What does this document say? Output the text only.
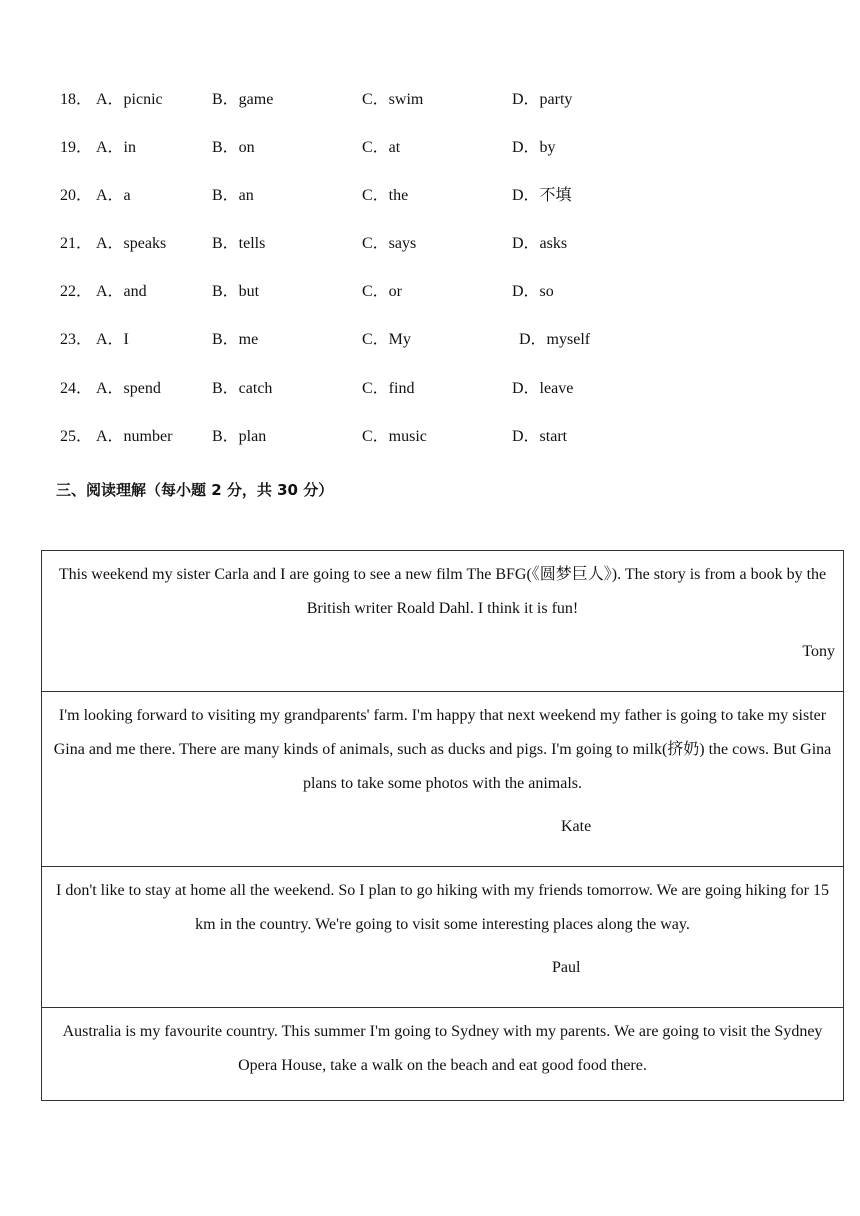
18． A．picnic	B．game	C．swim	D．party
19． A．in	B．on	C．at	D．by
20． A．a	B．an	C．the	D．不填
21． A．speaks	B．tells	C．says	D．asks
22． A．and	B．but	C．or	D．so
23． A．I	B．me	C．My	D．myself
24． A．spend	B．catch	C．find	D．leave
25． A．number B．plan	C．music	D．start
三、阅读理解（每小题 2 分，共 30 分）
This weekend my sister Carla and I are going to see a new film The BFG(《圆梦巨人》). The story is from a book by the British writer Roald Dahl. I think it is fun!
Tony

I'm looking forward to visiting my grandparents' farm. I'm happy that next weekend my father is going to take my sister Gina and me there. There are many kinds of animals, such as ducks and pigs. I'm going to milk(挤奶) the cows. But Gina plans to take some photos with the animals.
Kate

I don't like to stay at home all the weekend. So I plan to go hiking with my friends tomorrow. We are going hiking for 15 km in the country. We're going to visit some interesting places along the way.
Paul

Australia is my favourite country. This summer I'm going to Sydney with my parents. We are going to visit the Sydney Opera House, take a walk on the beach and eat good food there.
